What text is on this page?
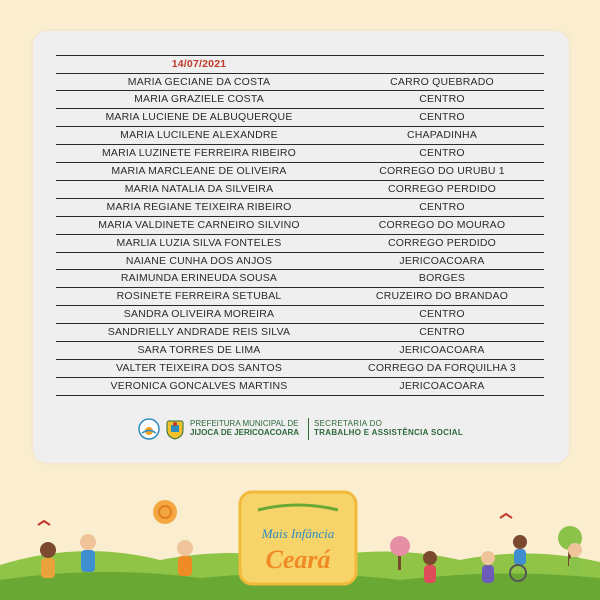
14/07/2021
MARIA GECIANE DA COSTA	CARRO QUEBRADO
MARIA GRAZIELE COSTA	CENTRO
MARIA LUCIENE DE ALBUQUERQUE	CENTRO
MARIA LUCILENE ALEXANDRE	CHAPADINHA
MARIA LUZINETE FERREIRA RIBEIRO	CENTRO
MARIA MARCLEANE DE OLIVEIRA	CORREGO DO URUBU 1
MARIA NATALIA DA SILVEIRA	CORREGO PERDIDO
MARIA REGIANE TEIXEIRA RIBEIRO	CENTRO
MARIA VALDINETE CARNEIRO SILVINO	CORREGO DO MOURAO
MARLIA LUZIA SILVA FONTELES	CORREGO PERDIDO
NAIANE CUNHA DOS ANJOS	JERICOACOARA
RAIMUNDA ERINEUDA SOUSA	BORGES
ROSINETE FERREIRA SETUBAL	CRUZEIRO DO BRANDAO
SANDRA OLIVEIRA MOREIRA	CENTRO
SANDRIELLY ANDRADE REIS SILVA	CENTRO
SARA TORRES DE LIMA	JERICOACOARA
VALTER TEIXEIRA DOS SANTOS	CORREGO DA FORQUILHA 3
VERONICA GONCALVES MARTINS	JERICOACOARA
PREFEITURA MUNICIPAL DE
JIJOCA DE JERICOACOARA
SECRETARIA DO
TRABALHO E ASSISTÊNCIA SOCIAL
Mais Infância
Ceará
